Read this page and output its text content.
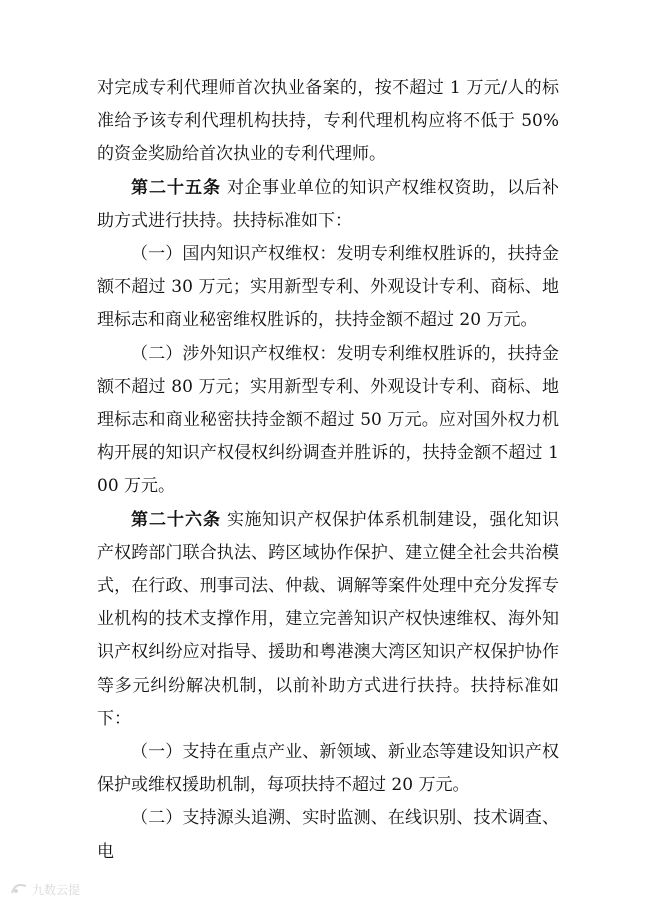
对完成专利代理师首次执业备案的，按不超过 1 万元/人的标准给予该专利代理机构扶持，专利代理机构应将不低于 50% 的资金奖励给首次执业的专利代理师。

第二十五条 对企事业单位的知识产权维权资助，以后补助方式进行扶持。扶持标准如下：

（一）国内知识产权维权：发明专利维权胜诉的，扶持金额不超过 30 万元；实用新型专利、外观设计专利、商标、地理标志和商业秘密维权胜诉的，扶持金额不超过 20 万元。

（二）涉外知识产权维权：发明专利维权胜诉的，扶持金额不超过 80 万元；实用新型专利、外观设计专利、商标、地理标志和商业秘密扶持金额不超过 50 万元。应对国外权力机构开展的知识产权侵权纠纷调查并胜诉的，扶持金额不超过 100 万元。

第二十六条 实施知识产权保护体系机制建设，强化知识产权跨部门联合执法、跨区域协作保护、建立健全社会共治模式，在行政、刑事司法、仲裁、调解等案件处理中充分发挥专业机构的技术支撑作用，建立完善知识产权快速维权、海外知识产权纠纷应对指导、援助和粤港澳大湾区知识产权保护协作等多元纠纷解决机制，以前补助方式进行扶持。扶持标准如下：

（一）支持在重点产业、新领域、新业态等建设知识产权保护或维权援助机制，每项扶持不超过 20 万元。

（二）支持源头追溯、实时监测、在线识别、技术调查、电

九数云提
